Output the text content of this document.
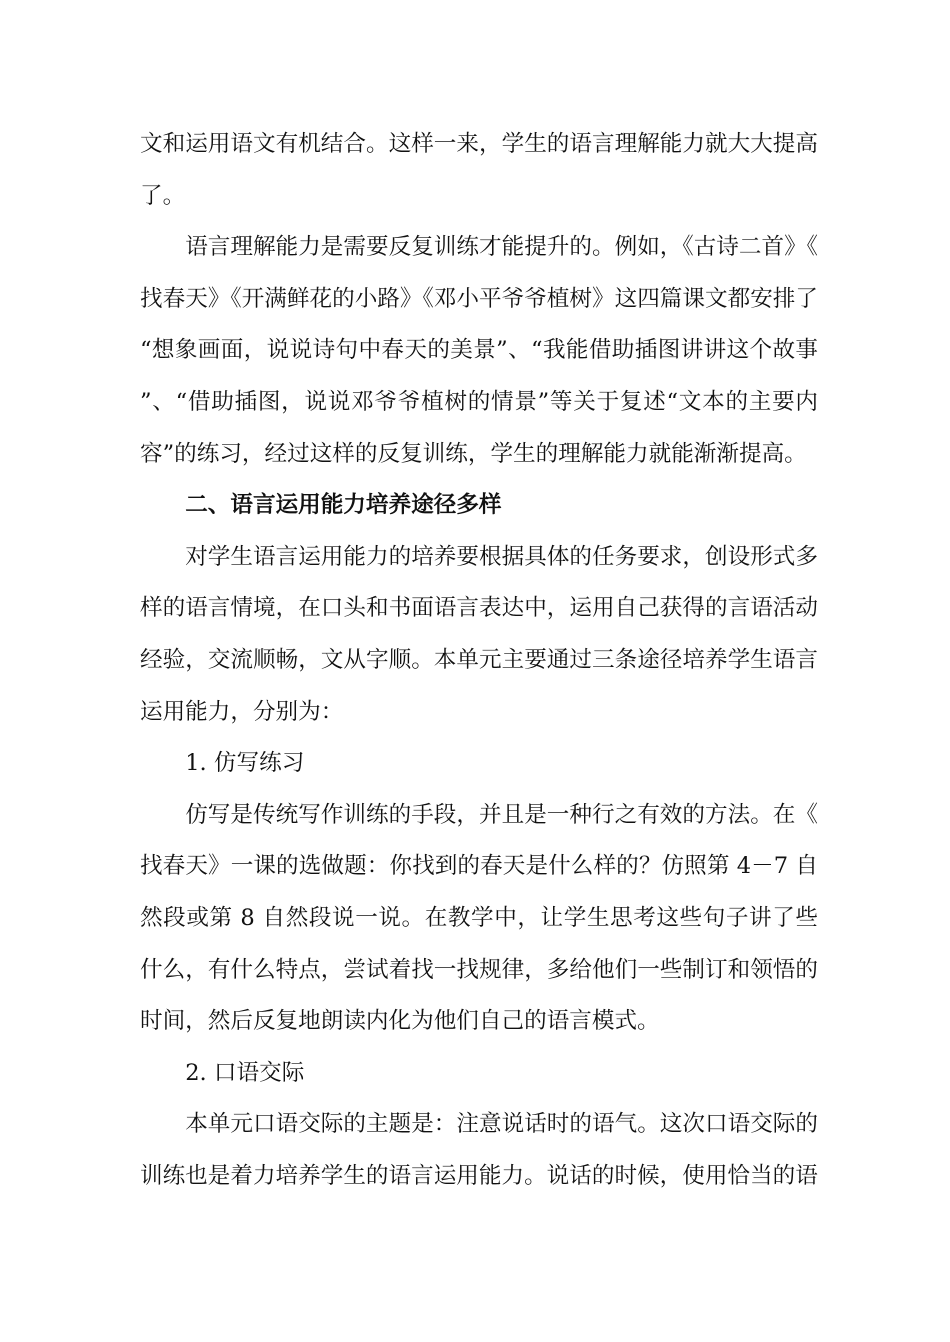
文和运用语文有机结合。这样一来，学生的语言理解能力就大大提高了。

语言理解能力是需要反复训练才能提升的。例如，《古诗二首》《找春天》《开满鲜花的小路》《邓小平爷爷植树》这四篇课文都安排了“想象画面，说说诗句中春天的美景”、“我能借助插图讲讲这个故事”、“借助插图，说说邓爷爷植树的情景”等关于复述“文本的主要内容”的练习，经过这样的反复训练，学生的理解能力就能渐渐提高。

二、语言运用能力培养途径多样

对学生语言运用能力的培养要根据具体的任务要求，创设形式多样的语言情境，在口头和书面语言表达中，运用自己获得的言语活动经验，交流顺畅，文从字顺。本单元主要通过三条途径培养学生语言运用能力，分别为：

1. 仿写练习

仿写是传统写作训练的手段，并且是一种行之有效的方法。在《找春天》一课的选做题：你找到的春天是什么样的？仿照第 4－7 自然段或第 8 自然段说一说。在教学中，让学生思考这些句子讲了些什么，有什么特点，尝试着找一找规律，多给他们一些制订和领悟的时间，然后反复地朗读内化为他们自己的语言模式。

2. 口语交际

本单元口语交际的主题是：注意说话时的语气。这次口语交际的训练也是着力培养学生的语言运用能力。说话的时候，使用恰当的语
